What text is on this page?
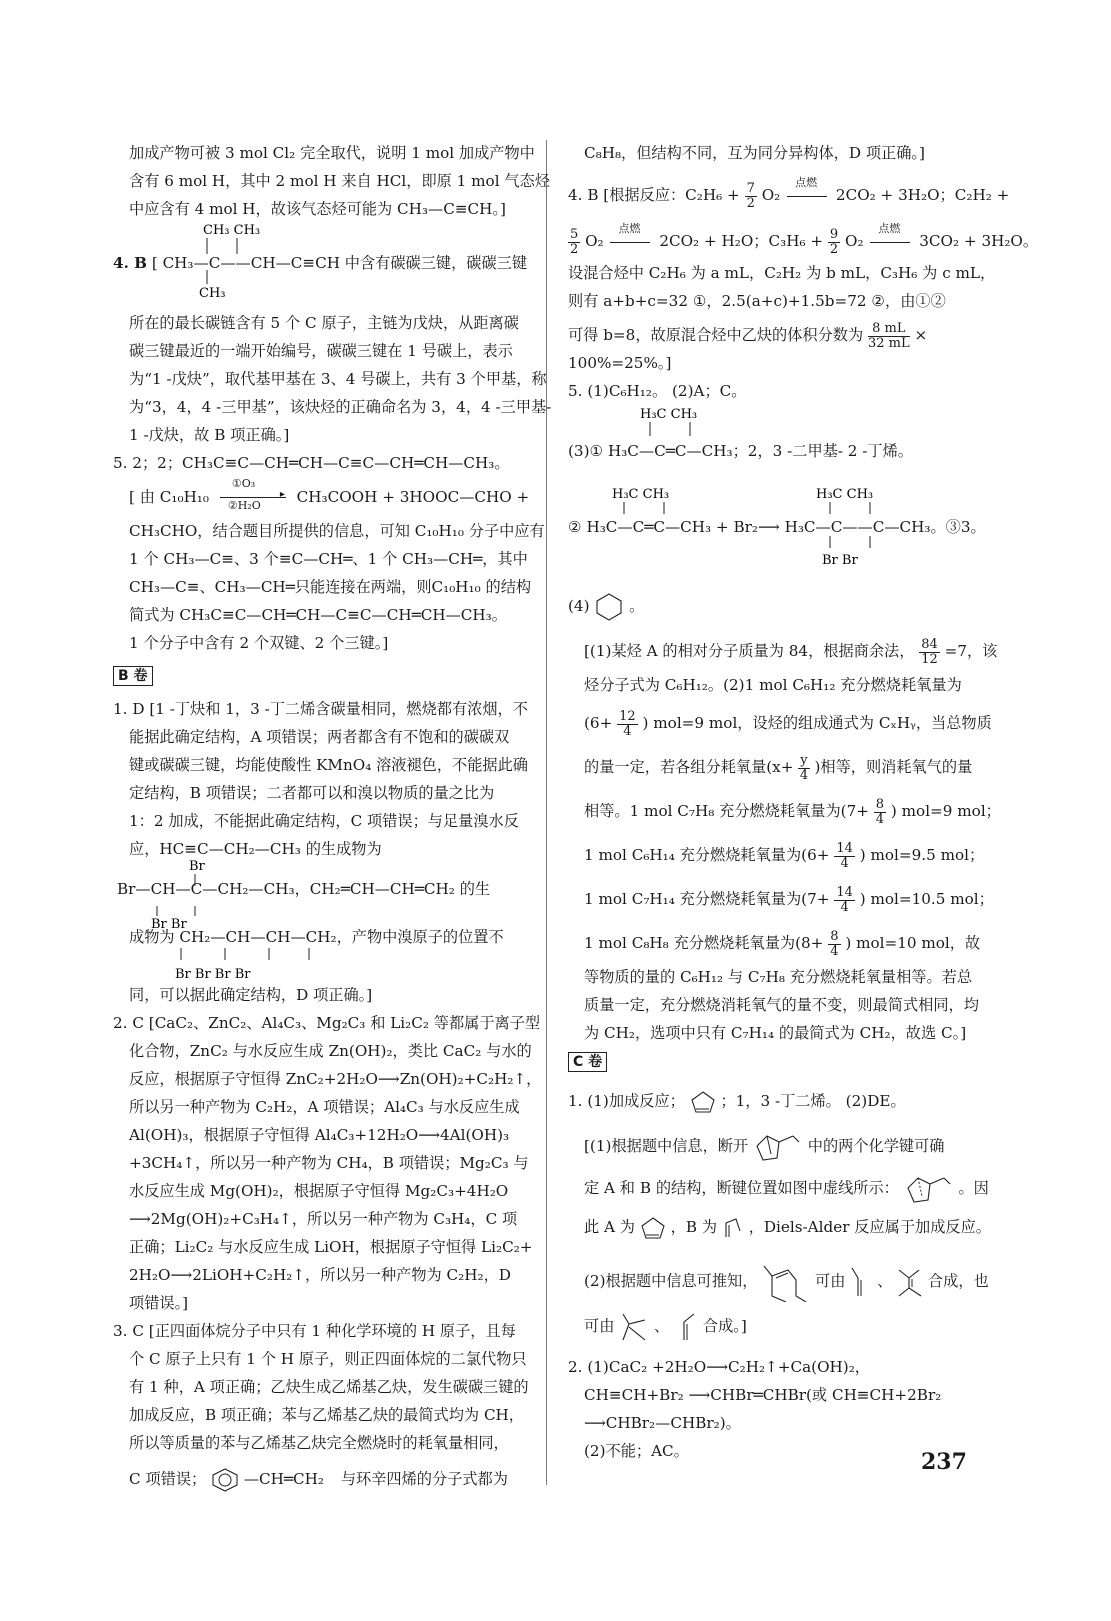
加成产物可被 3 mol Cl₂ 完全取代，说明 1 mol 加成产物中
含有 6 mol H，其中 2 mol H 来自 HCl，即原 1 mol 气态烃
中应含有 4 mol H，故该气态烃可能为 CH₃—C≡CH。]
CH₃ CH₃
CH₃
4. B [ CH₃—C——CH—C≡CH 中含有碳碳三键，碳碳三键
所在的最长碳链含有 5 个 C 原子，主链为戊炔，从距离碳
碳三键最近的一端开始编号，碳碳三键在 1 号碳上，表示
为“1 -戊炔”，取代基甲基在 3、4 号碳上，共有 3 个甲基，称
为“3，4，4 -三甲基”，该炔烃的正确命名为 3，4，4 -三甲基-
1 -戊炔，故 B 项正确。]
5. 2；2；CH₃C≡C—CH═CH—C≡C—CH═CH—CH₃。
[ 由 C₁₀H₁₀
①O₃
▸
②H₂O CH₃COOH + 3HOOC—CHO +
CH₃CHO，结合题目所提供的信息，可知 C₁₀H₁₀ 分子中应有
1 个 CH₃—C≡、3 个≡C—CH═、1 个 CH₃—CH═，其中
CH₃—C≡、CH₃—CH═只能连接在两端，则C₁₀H₁₀ 的结构
简式为 CH₃C≡C—CH═CH—C≡C—CH═CH—CH₃。
1 个分子中含有 2 个双键、2 个三键。]
B 卷
1. D [1 -丁炔和 1，3 -丁二烯含碳量相同，燃烧都有浓烟，不
能据此确定结构，A 项错误；两者都含有不饱和的碳碳双
键或碳碳三键，均能使酸性 KMnO₄ 溶液褪色，不能据此确
定结构，B 项错误；二者都可以和溴以物质的量之比为
1：2 加成，不能据此确定结构，C 项错误；与足量溴水反
应，HC≡C—CH₂—CH₃ 的生成物为
Br
Br Br
Br—CH—C—CH₂—CH₃，CH₂═CH—CH═CH₂ 的生
成物为 CH₂—CH—CH—CH₂，产物中溴原子的位置不
Br Br Br Br
同，可以据此确定结构，D 项正确。]
2. C [CaC₂、ZnC₂、Al₄C₃、Mg₂C₃ 和 Li₂C₂ 等都属于离子型
化合物，ZnC₂ 与水反应生成 Zn(OH)₂，类比 CaC₂ 与水的
反应，根据原子守恒得 ZnC₂+2H₂O⟶Zn(OH)₂+C₂H₂↑，
所以另一种产物为 C₂H₂，A 项错误；Al₄C₃ 与水反应生成
Al(OH)₃，根据原子守恒得 Al₄C₃+12H₂O⟶4Al(OH)₃
+3CH₄↑，所以另一种产物为 CH₄，B 项错误；Mg₂C₃ 与
水反应生成 Mg(OH)₂，根据原子守恒得 Mg₂C₃+4H₂O
⟶2Mg(OH)₂+C₃H₄↑，所以另一种产物为 C₃H₄，C 项
正确；Li₂C₂ 与水反应生成 LiOH，根据原子守恒得 Li₂C₂+
2H₂O⟶2LiOH+C₂H₂↑，所以另一种产物为 C₂H₂，D
项错误。]
3. C [正四面体烷分子中只有 1 种化学环境的 H 原子，且每
个 C 原子上只有 1 个 H 原子，则正四面体烷的二氯代物只
有 1 种，A 项正确；乙炔生成乙烯基乙炔，发生碳碳三键的
加成反应，B 项正确；苯与乙烯基乙炔的最简式均为 CH，
所以等质量的苯与乙烯基乙炔完全燃烧时的耗氧量相同，
C 项错误； —CH═CH₂ 与环辛四烯的分子式都为
C₈H₈，但结构不同，互为同分异构体，D 项正确。]
4. B [根据反应：$C_2H_6 + \frac{7}{2} O_2$
点燃
2CO₂ + 3H₂O；C₂H₂ +
$\frac{5}{2} O_2$
点燃
2CO₂ + H₂O；$C_3H_6 + \frac{9}{2} O_2$
点燃
3CO₂ + 3H₂O。
设混合烃中 C₂H₆ 为 a mL，C₂H₂ 为 b mL，C₃H₆ 为 c mL，
则有 a+b+c=32 ①，2.5(a+c)+1.5b=72 ②，由①②
可得 b=8，故原混合烃中乙炔的体积分数为 $\frac{8 mL}{32 mL}$ ×
100%=25%。]
5. (1)C₆H₁₂。 (2)A；C。
H₃C CH₃
(3)① H₃C—C═C—CH₃；2，3 -二甲基- 2 -丁烯。
H₃C CH₃	H₃C CH₃
Br Br
② H₃C—C═C—CH₃ + Br₂⟶ H₃C—C——C—CH₃。③3。
(4)	。
[(1)某烃 A 的相对分子质量为 84，根据商余法， $\frac{84}{12} =7$，该
烃分子式为 C₆H₁₂。(2)1 mol C₆H₁₂ 充分燃烧耗氧量为
($6+ \frac{12}{4}$ ) mol=9 mol，设烃的组成通式为 CₓHᵧ，当总物质
的量一定，若各组分耗氧量($x+ \frac{y}{4}$ )相等，则消耗氧气的量
相等。1 mol C₇H₈ 充分燃烧耗氧量为($7+ \frac{8}{4}$ ) mol=9 mol；
1 mol C₆H₁₄ 充分燃烧耗氧量为($6+ \frac{14}{4}$ ) mol=9.5 mol；
1 mol C₇H₁₄ 充分燃烧耗氧量为($7+ \frac{14}{4}$ ) mol=10.5 mol；
1 mol C₈H₈ 充分燃烧耗氧量为($8+ \frac{8}{4}$ ) mol=10 mol，故
等物质的量的 C₆H₁₂ 与 C₇H₈ 充分燃烧耗氧量相等。若总
质量一定，充分燃烧消耗氧气的量不变，则最简式相同，均
为 CH₂，选项中只有 C₇H₁₄ 的最简式为 CH₂，故选 C。]
C 卷
1. (1)加成反应； ；1，3 -丁二烯。 (2)DE。
[(1)根据题中信息，断开	中的两个化学键可确
定 A 和 B 的结构，断键位置如图中虚线所示：	。因
此 A 为 ，B 为 ，Diels-Alder 反应属于加成反应。
(2)根据题中信息可推知，	可由 、 合成，也
可由	、 合成。]
2. (1)CaC₂ +2H₂O⟶C₂H₂↑+Ca(OH)₂，
CH≡CH+Br₂ ⟶CHBr═CHBr(或 CH≡CH+2Br₂
⟶CHBr₂—CHBr₂)。
(2)不能；AC。	237
